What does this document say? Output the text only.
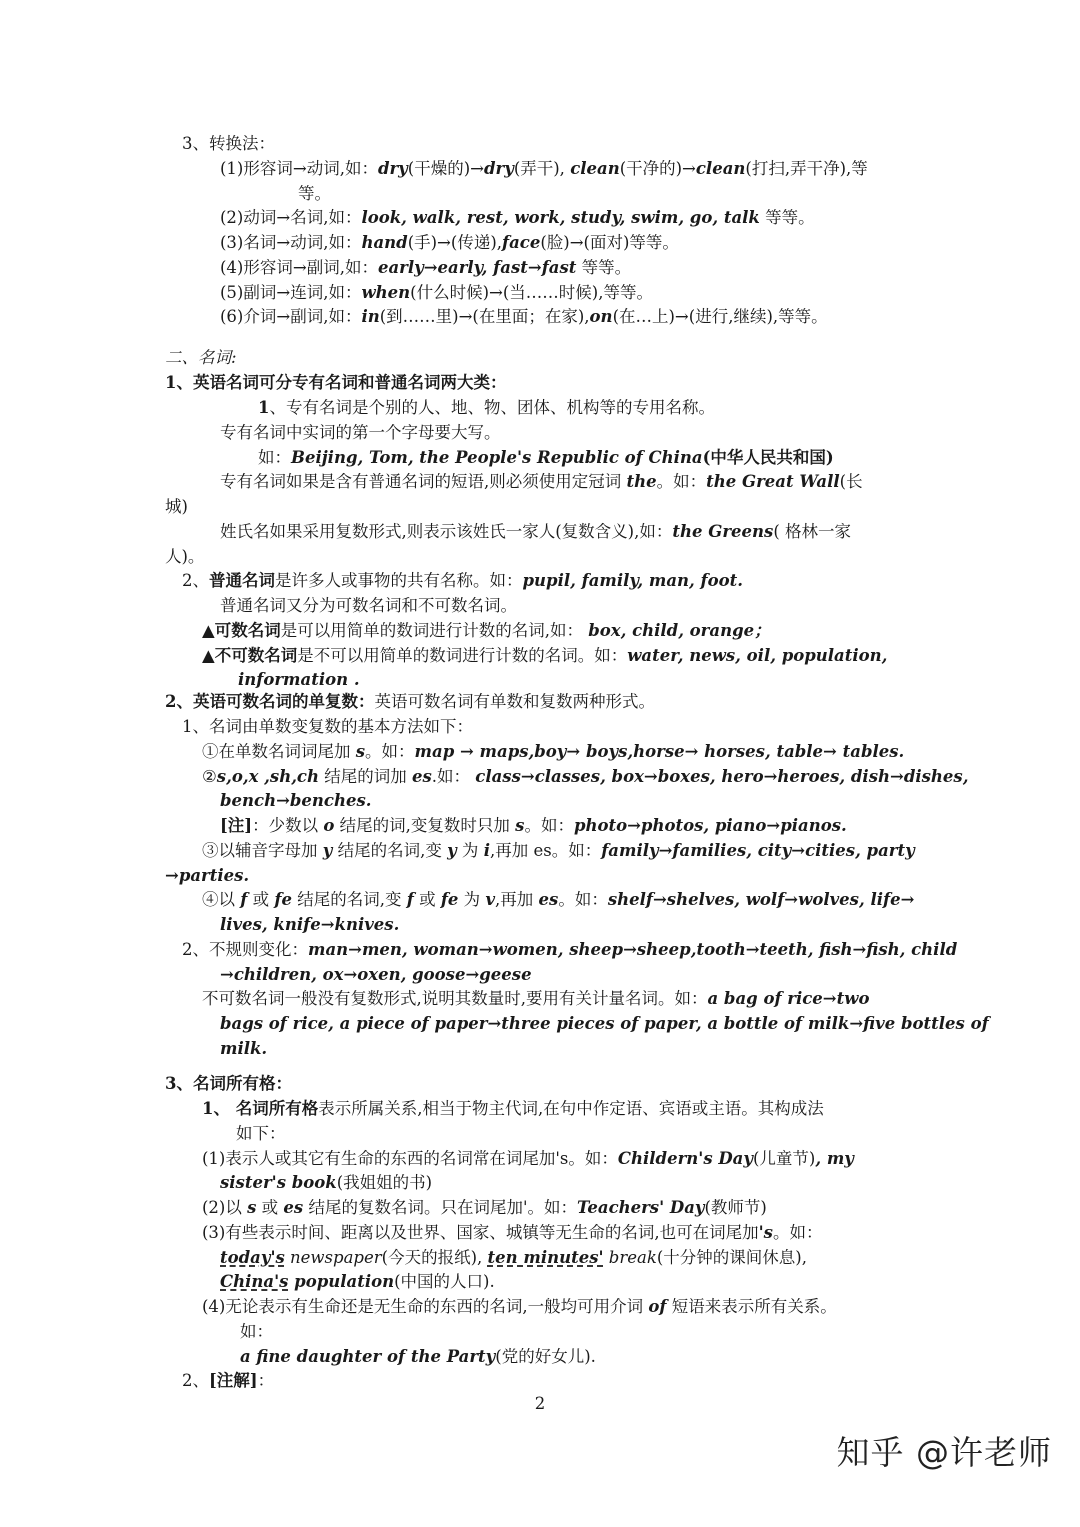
3、转换法：
(1)形容词→动词,如：dry(干燥的)→dry(弄干), clean(干净的)→clean(打扫,弄干净),等
等。
(2)动词→名词,如：look, walk, rest, work, study, swim, go, talk 等等。
(3)名词→动词,如：hand(手)→(传递),face(脸)→(面对)等等。
(4)形容词→副词,如：early→early, fast→fast 等等。
(5)副词→连词,如：when(什么时候)→(当……时候),等等。
(6)介词→副词,如：in(到……里)→(在里面；在家),on(在…上)→(进行,继续),等等。
二、名词:
1、英语名词可分专有名词和普通名词两大类：
1、专有名词是个别的人、地、物、团体、机构等的专用名称。
专有名词中实词的第一个字母要大写。
如：Beijing, Tom, the People's Republic of China(中华人民共和国)
专有名词如果是含有普通名词的短语,则必须使用定冠词 the。如：the Great Wall(长
城)
姓氏名如果采用复数形式,则表示该姓氏一家人(复数含义),如：the Greens( 格林一家
人)。
2、普通名词是许多人或事物的共有名称。如：pupil, family, man, foot.
普通名词又分为可数名词和不可数名词。
▲可数名词是可以用简单的数词进行计数的名词,如： box, child, orange；
▲不可数名词是不可以用简单的数词进行计数的名词。如：water, news, oil, population,
information .
2、英语可数名词的单复数：英语可数名词有单数和复数两种形式。
1、名词由单数变复数的基本方法如下：
①在单数名词词尾加 s。如：map → maps,boy→ boys,horse→ horses, table→ tables.
②s,o,x ,sh,ch 结尾的词加 es.如： class→classes, box→boxes, hero→heroes, dish→dishes,
bench→benches.
[注]：少数以 o 结尾的词,变复数时只加 s。如：photo→photos, piano→pianos.
③以辅音字母加 y 结尾的名词,变 y 为 i,再加 es。如：family→families, city→cities, party
→parties.
④以 f 或 fe 结尾的名词,变 f 或 fe 为 v,再加 es。如：shelf→shelves, wolf→wolves, life→
lives, knife→knives.
2、不规则变化：man→men, woman→women, sheep→sheep,tooth→teeth, fish→fish, child
→children, ox→oxen, goose→geese
不可数名词一般没有复数形式,说明其数量时,要用有关计量名词。如：a bag of rice→two
bags of rice, a piece of paper→three pieces of paper, a bottle of milk→five bottles of
milk.
3、名词所有格：
1、 名词所有格表示所属关系,相当于物主代词,在句中作定语、宾语或主语。其构成法
如下：
(1)表示人或其它有生命的东西的名词常在词尾加's。如：Childern's Day(儿童节), my
sister's book(我姐姐的书)
(2)以 s 或 es 结尾的复数名词。只在词尾加'。如：Teachers' Day(教师节)
(3)有些表示时间、距离以及世界、国家、城镇等无生命的名词,也可在词尾加's。如：
today's newspaper(今天的报纸), ten minutes' break(十分钟的课间休息),
China's population(中国的人口).
(4)无论表示有生命还是无生命的东西的名词,一般均可用介词 of 短语来表示所有关系。
如：
a fine daughter of the Party(党的好女儿).
2、[注解]：
2
知乎 @许老师
